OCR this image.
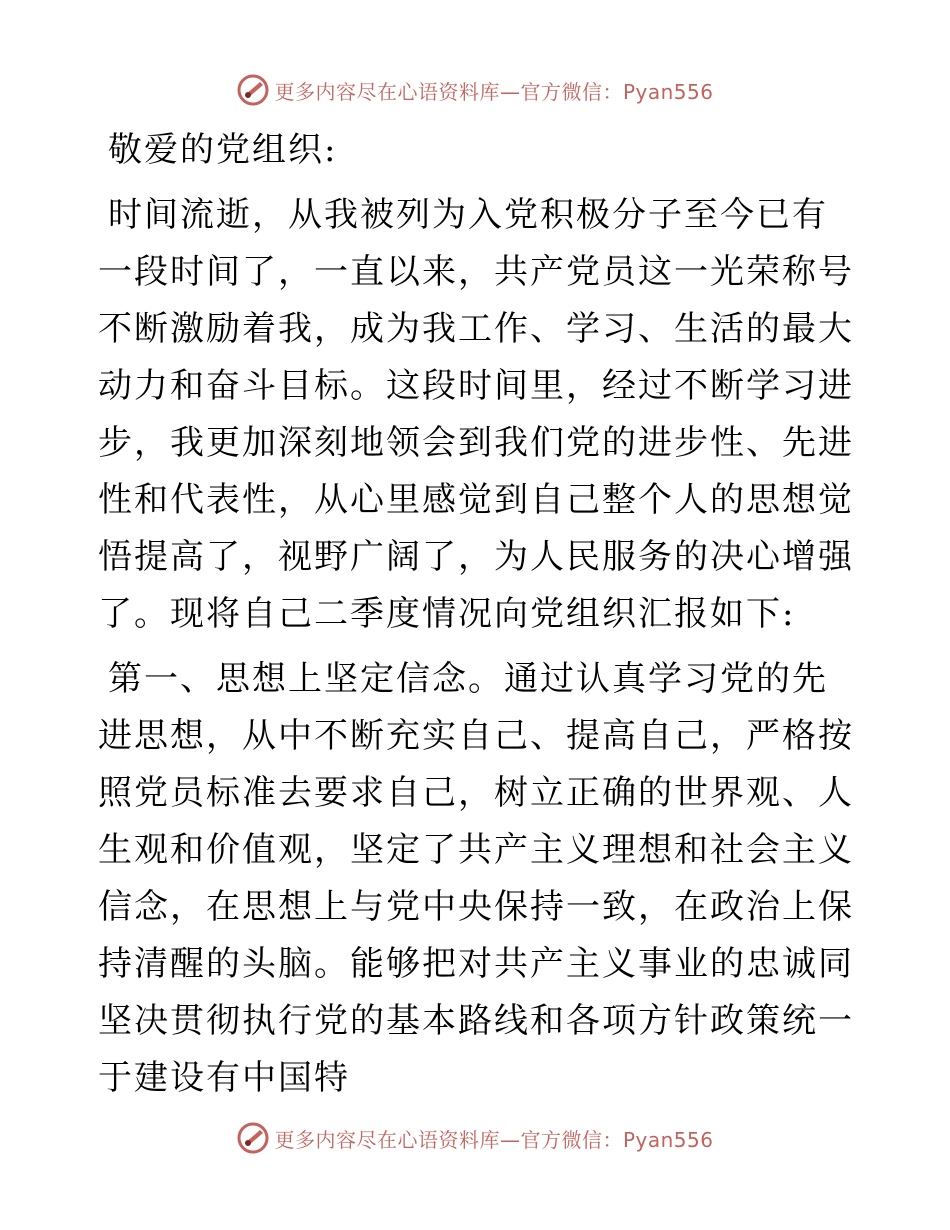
更多内容尽在心语资料库—官方微信：Pyan556

敬爱的党组织:

时间流逝，从我被列为入党积极分子至今已有一段时间了，一直以来，共产党员这一光荣称号不断激励着我，成为我工作、学习、生活的最大动力和奋斗目标。这段时间里，经过不断学习进步，我更加深刻地领会到我们党的进步性、先进性和代表性，从心里感觉到自己整个人的思想觉悟提高了，视野广阔了，为人民服务的决心增强了。现将自己二季度情况向党组织汇报如下:

第一、思想上坚定信念。通过认真学习党的先进思想，从中不断充实自己、提高自己，严格按照党员标准去要求自己，树立正确的世界观、人生观和价值观，坚定了共产主义理想和社会主义信念，在思想上与党中央保持一致，在政治上保持清醒的头脑。能够把对共产主义事业的忠诚同坚决贯彻执行党的基本路线和各项方针政策统一于建设有中国特

更多内容尽在心语资料库—官方微信：Pyan556
